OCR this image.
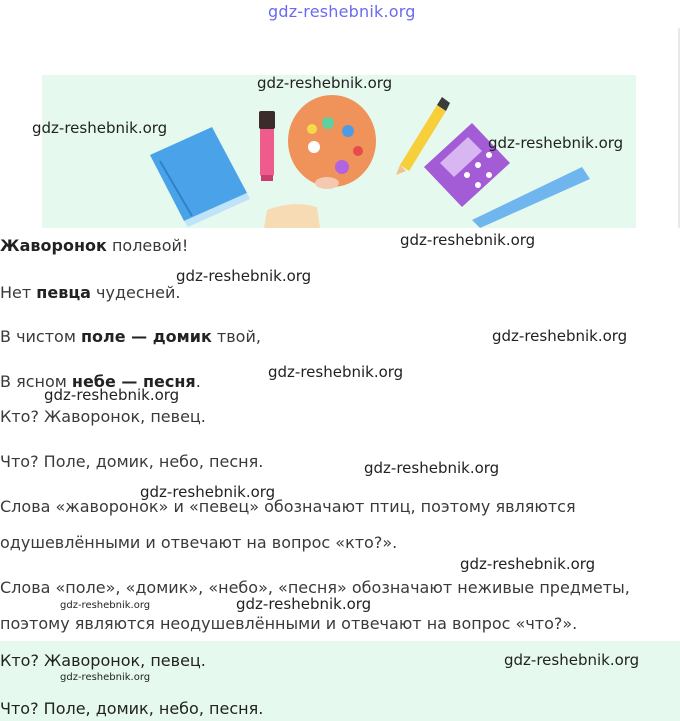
gdz-reshebnik.org
Жаворонок полевой!
Нет певца чудесней.
В чистом поле — домик твой,
В ясном небе — песня.
Кто? Жаворонок, певец.
Что? Поле, домик, небо, песня.
Слова «жаворонок» и «певец» обозначают птиц, поэтому являются
одушевлёнными и отвечают на вопрос «кто?».
Слова «поле», «домик», «небо», «песня» обозначают неживые предметы,
поэтому являются неодушевлёнными и отвечают на вопрос «что?».
Кто? Жаворонок, певец.
Что? Поле, домик, небо, песня.
gdz-reshebnik.org
gdz-reshebnik.org
gdz-reshebnik.org
gdz-reshebnik.org
gdz-reshebnik.org
gdz-reshebnik.org
gdz-reshebnik.org
gdz-reshebnik.org
gdz-reshebnik.org
gdz-reshebnik.org
gdz-reshebnik.org
gdz-reshebnik.org
gdz-reshebnik.org
gdz-reshebnik.org
gdz-reshebnik.org
